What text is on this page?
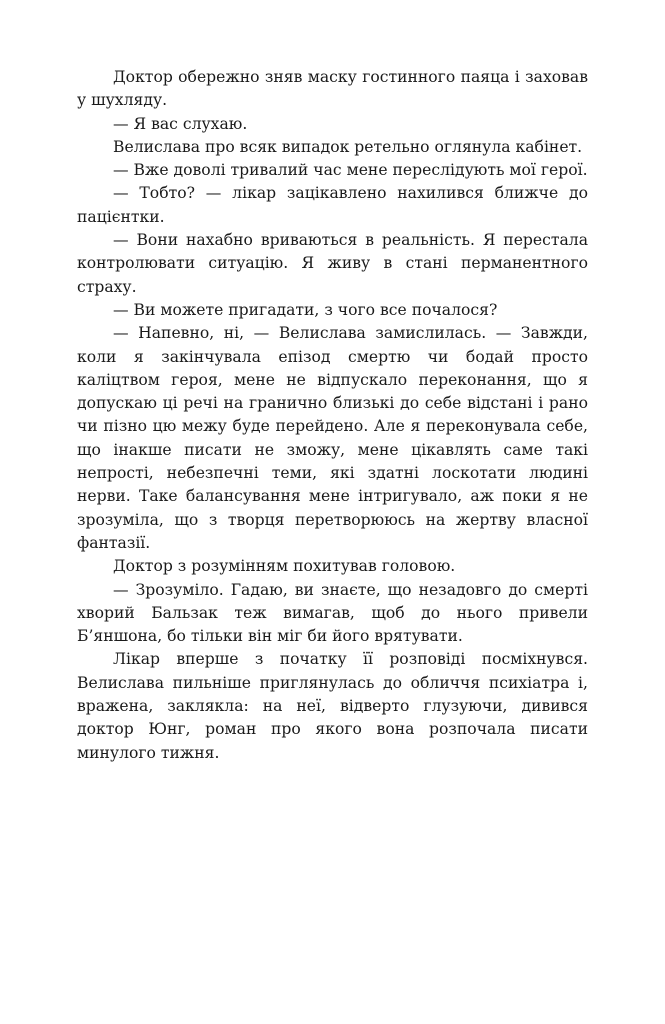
Доктор обережно зняв маску гостинного паяца і заховав у шухляду.

— Я вас слухаю.

Велислава про всяк випадок ретельно оглянула кабінет.

— Вже доволі тривалий час мене переслідують мої герої.

— Тобто? — лікар зацікавлено нахилився ближче до пацієнтки.

— Вони нахабно вриваються в реальність. Я перестала контролювати ситуацію. Я живу в стані перманентного страху.

— Ви можете пригадати, з чого все почалося?

— Напевно, ні, — Велислава замислилась. — Завжди, коли я закінчувала епізод смертю чи бодай просто каліцтвом героя, мене не відпускало переконання, що я допускаю ці речі на гранично близькі до себе відстані і рано чи пізно цю межу буде перейдено. Але я переконувала себе, що інакше писати не зможу, мене цікавлять саме такі непрості, небезпечні теми, які здатні лоскотати людині нерви. Таке балансування мене інтригувало, аж поки я не зрозуміла, що з творця перетворююсь на жертву власної фантазії.

Доктор з розумінням похитував головою.

— Зрозуміло. Гадаю, ви знаєте, що незадовго до смерті хворий Бальзак теж вимагав, щоб до нього привели Б’яншона, бо тільки він міг би його врятувати.

Лікар вперше з початку її розповіді посміхнувся. Велислава пильніше приглянулась до обличчя психіатра і, вражена, заклякла: на неї, відверто глузуючи, дивився доктор Юнг, роман про якого вона розпочала писати минулого тижня.
